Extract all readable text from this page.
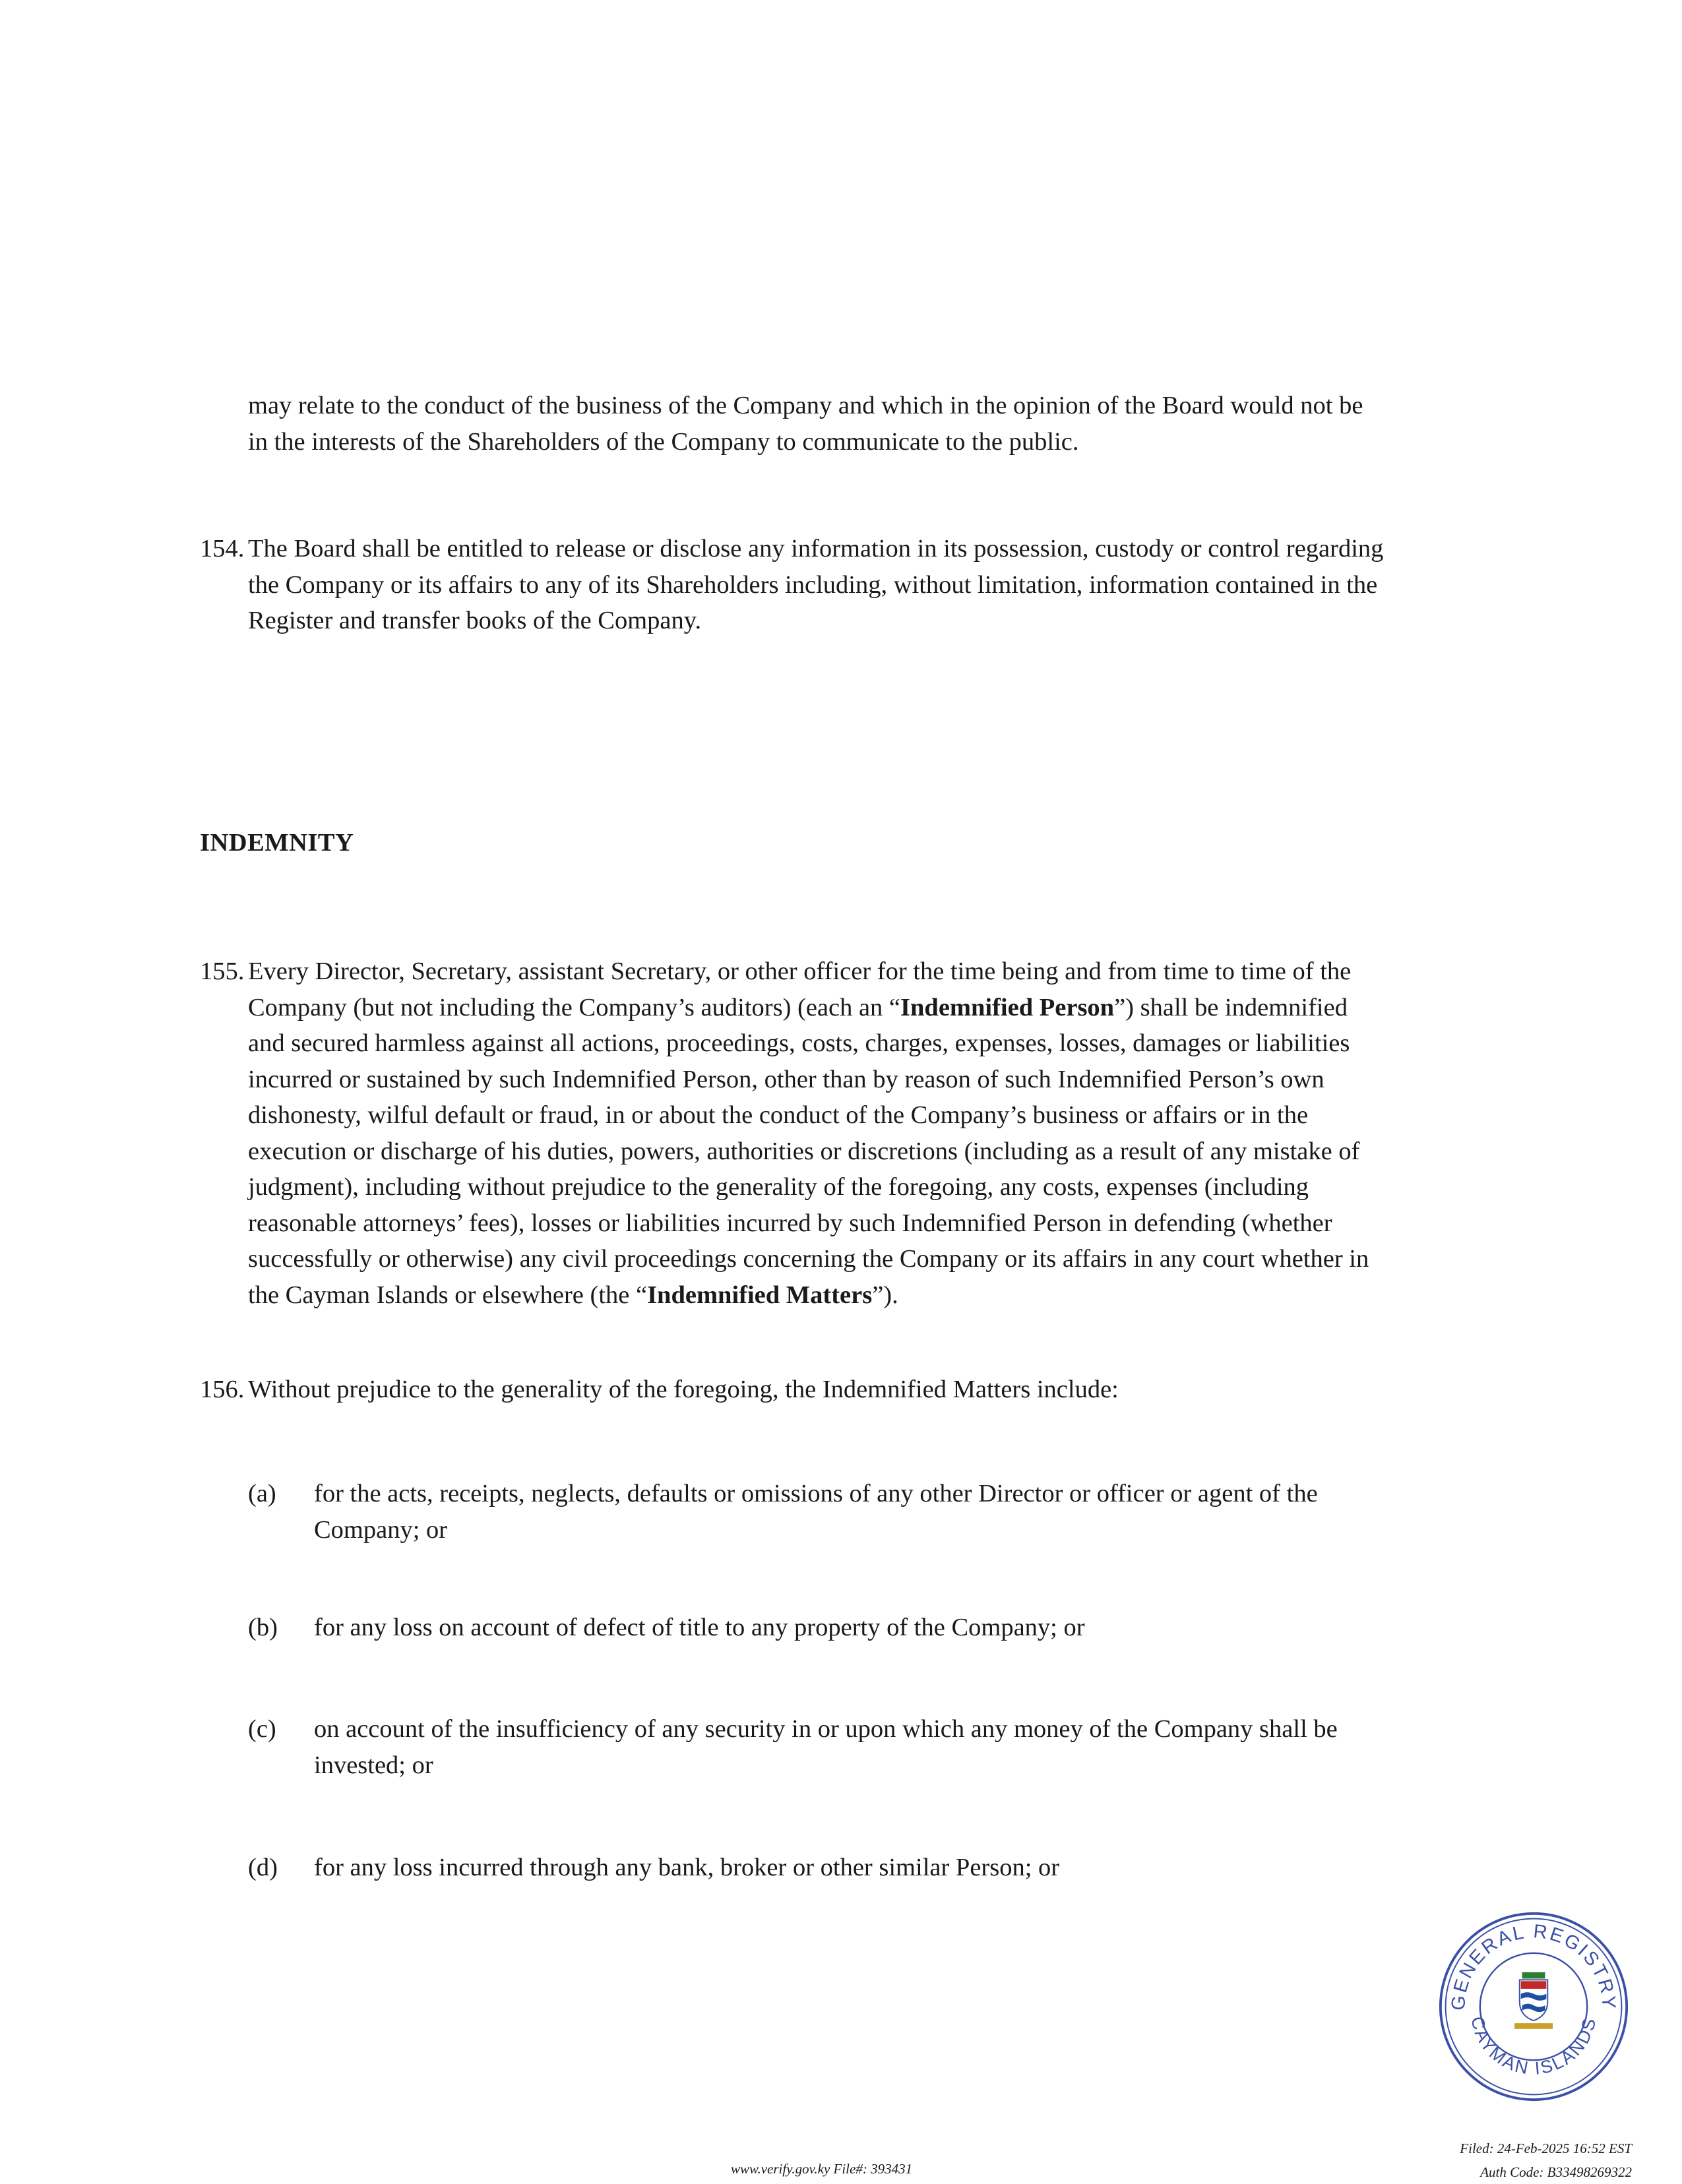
may relate to the conduct of the business of the Company and which in the opinion of the Board would not be
in the interests of the Shareholders of the Company to communicate to the public.
154. The Board shall be entitled to release or disclose any information in its possession, custody or control regarding
the Company or its affairs to any of its Shareholders including, without limitation, information contained in the
Register and transfer books of the Company.
INDEMNITY
155. Every Director, Secretary, assistant Secretary, or other officer for the time being and from time to time of the
Company (but not including the Company’s auditors) (each an “Indemnified Person”) shall be indemnified
and secured harmless against all actions, proceedings, costs, charges, expenses, losses, damages or liabilities
incurred or sustained by such Indemnified Person, other than by reason of such Indemnified Person’s own
dishonesty, wilful default or fraud, in or about the conduct of the Company’s business or affairs or in the
execution or discharge of his duties, powers, authorities or discretions (including as a result of any mistake of
judgment), including without prejudice to the generality of the foregoing, any costs, expenses (including
reasonable attorneys’ fees), losses or liabilities incurred by such Indemnified Person in defending (whether
successfully or otherwise) any civil proceedings concerning the Company or its affairs in any court whether in
the Cayman Islands or elsewhere (the “Indemnified Matters”).
156. Without prejudice to the generality of the foregoing, the Indemnified Matters include:
(a) for the acts, receipts, neglects, defaults or omissions of any other Director or officer or agent of the
Company; or
(b) for any loss on account of defect of title to any property of the Company; or
(c) on account of the insufficiency of any security in or upon which any money of the Company shall be
invested; or
(d) for any loss incurred through any bank, broker or other similar Person; or
GENERAL REGISTRY
CAYMAN ISLANDS
www.verify.gov.ky File#: 393431
Filed: 24-Feb-2025 16:52 EST
Auth Code: B33498269322
